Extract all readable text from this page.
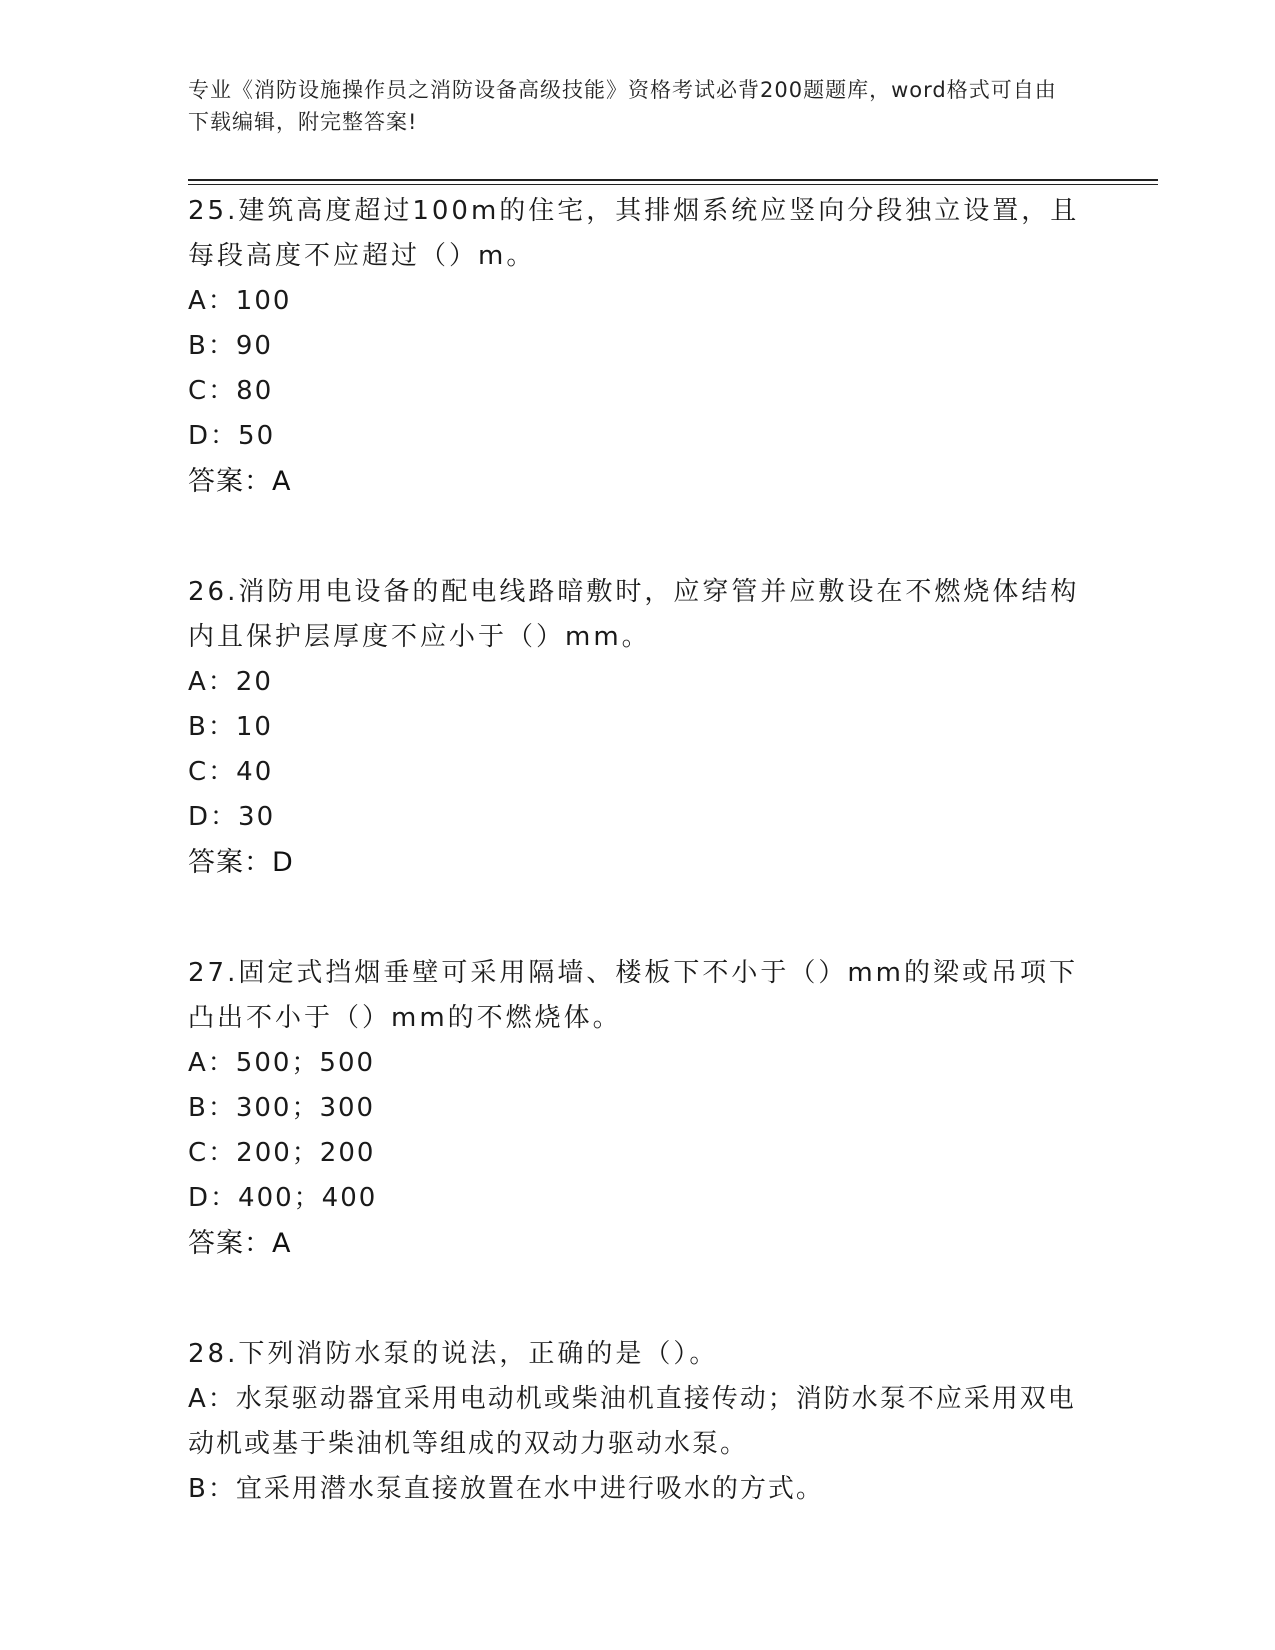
专业《消防设施操作员之消防设备高级技能》资格考试必背200题题库，word格式可自由下载编辑，附完整答案!

25.建筑高度超过100m的住宅，其排烟系统应竖向分段独立设置，且每段高度不应超过（）m。

A：100

B：90

C：80

D：50

答案：A

26.消防用电设备的配电线路暗敷时，应穿管并应敷设在不燃烧体结构内且保护层厚度不应小于（）mm。

A：20

B：10

C：40

D：30

答案：D

27.固定式挡烟垂壁可采用隔墙、楼板下不小于（）mm的梁或吊项下凸出不小于（）mm的不燃烧体。

A：500；500

B：300；300

C：200；200

D：400；400

答案：A

28.下列消防水泵的说法，正确的是（）。

A：水泵驱动器宜采用电动机或柴油机直接传动；消防水泵不应采用双电动机或基于柴油机等组成的双动力驱动水泵。

B：宜采用潜水泵直接放置在水中进行吸水的方式。
